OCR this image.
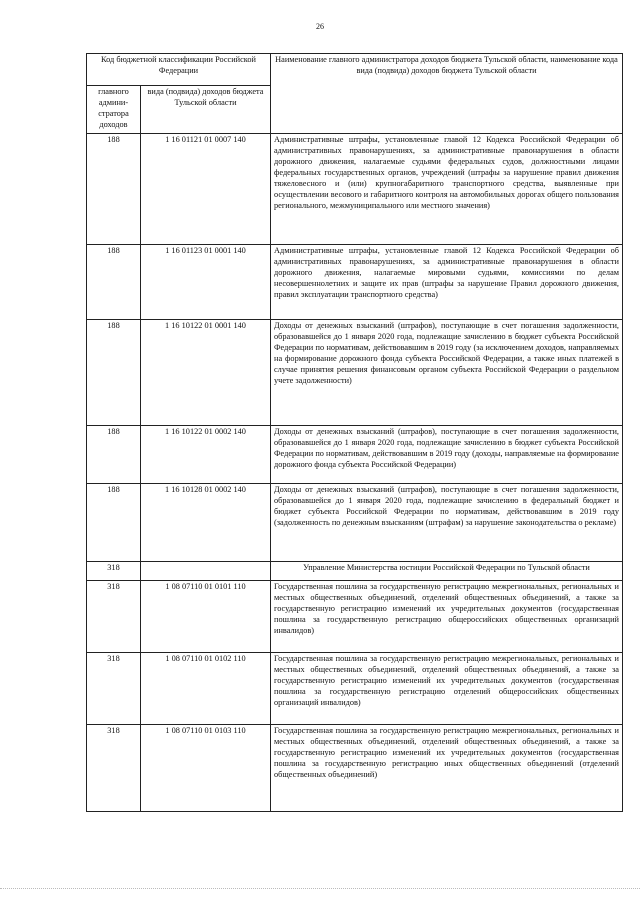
26
Код бюджетной классификации Российской Федерации		Наименование главного администратора доходов бюджета Тульской области, наименование кода вида (подвида) доходов бюджета Тульской области
главного админи-стратора доходов	вида (подвида) доходов бюджета Тульской области	
188	1 16 01121 01 0007 140	Административные штрафы, установленные главой 12 Кодекса Российской Федерации об административных правонарушениях, за административные правонарушения в области дорожного движения, налагаемые судьями федеральных судов, должностными лицами федеральных государственных органов, учреждений (штрафы за нарушение правил движения тяжеловесного и (или) крупногабаритного транспортного средства, выявленные при осуществлении весового и габаритного контроля на автомобильных дорогах общего пользования регионального, межмуниципального или местного значения)
188	1 16 01123 01 0001 140	Административные штрафы, установленные главой 12 Кодекса Российской Федерации об административных правонарушениях, за административные правонарушения в области дорожного движения, налагаемые мировыми судьями, комиссиями по делам несовершеннолетних и защите их прав (штрафы за нарушение Правил дорожного движения, правил эксплуатации транспортного средства)
188	1 16 10122 01 0001 140	Доходы от денежных взысканий (штрафов), поступающие в счет погашения задолженности, образовавшейся до 1 января 2020 года, подлежащие зачислению в бюджет субъекта Российской Федерации по нормативам, действовавшим в 2019 году (за исключением доходов, направляемых на формирование дорожного фонда субъекта Российской Федерации, а также иных платежей в случае принятия решения финансовым органом субъекта Российской Федерации о раздельном учете задолженности)
188	1 16 10122 01 0002 140	Доходы от денежных взысканий (штрафов), поступающие в счет погашения задолженности, образовавшейся до 1 января 2020 года, подлежащие зачислению в бюджет субъекта Российской Федерации по нормативам, действовавшим в 2019 году (доходы, направляемые на формирование дорожного фонда субъекта Российской Федерации)
188	1 16 10128 01 0002 140	Доходы от денежных взысканий (штрафов), поступающие в счет погашения задолженности, образовавшейся до 1 января 2020 года, подлежащие зачислению в федеральный бюджет и бюджет субъекта Российской Федерации по нормативам, действовавшим в 2019 году (задолженность по денежным взысканиям (штрафам) за нарушение законодательства о рекламе)
318		Управление Министерства юстиции Российской Федерации по Тульской области
318	1 08 07110 01 0101 110	Государственная пошлина за государственную регистрацию межрегиональных, региональных и местных общественных объединений, отделений общественных объединений, а также за государственную регистрацию изменений их учредительных документов (государственная пошлина за государственную регистрацию общероссийских общественных организаций инвалидов)
318	1 08 07110 01 0102 110	Государственная пошлина за государственную регистрацию межрегиональных, региональных и местных общественных объединений, отделений общественных объединений, а также за государственную регистрацию изменений их учредительных документов (государственная пошлина за государственную регистрацию отделений общероссийских общественных организаций инвалидов)
318	1 08 07110 01 0103 110	Государственная пошлина за государственную регистрацию межрегиональных, региональных и местных общественных объединений, отделений общественных объединений, а также за государственную регистрацию изменений их учредительных документов (государственная пошлина за государственную регистрацию иных общественных объединений (отделений общественных объединений)
